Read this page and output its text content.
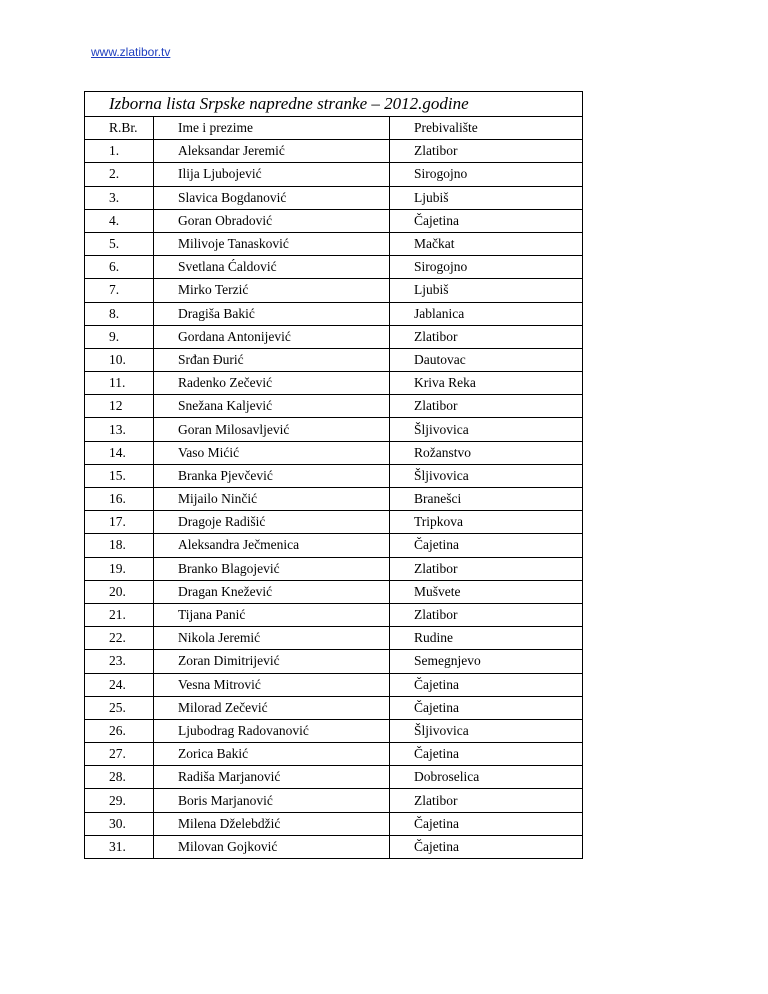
www.zlatibor.tv
Izborna lista Srpske napredne stranke – 2012.godine		
R.Br.	Ime i prezime	Prebivalište
1.	Aleksandar Jeremić	Zlatibor
2.	Ilija Ljubojević	Sirogojno
3.	Slavica Bogdanović	Ljubiš
4.	Goran Obradović	Čajetina
5.	Milivoje Tanasković	Mačkat
6.	Svetlana Ćaldović	Sirogojno
7.	Mirko Terzić	Ljubiš
8.	Dragiša Bakić	Jablanica
9.	Gordana Antonijević	Zlatibor
10.	Srđan Đurić	Dautovac
11.	Radenko Zečević	Kriva Reka
12	Snežana Kaljević	Zlatibor
13.	Goran Milosavljević	Šljivovica
14.	Vaso Mićić	Rožanstvo
15.	Branka Pjevčević	Šljivovica
16.	Mijailo Ninčić	Branešci
17.	Dragoje Radišić	Tripkova
18.	Aleksandra Ječmenica	Čajetina
19.	Branko Blagojević	Zlatibor
20.	Dragan Knežević	Mušvete
21.	Tijana Panić	Zlatibor
22.	Nikola Jeremić	Rudine
23.	Zoran Dimitrijević	Semegnjevo
24.	Vesna Mitrović	Čajetina
25.	Milorad Zečević	Čajetina
26.	Ljubodrag Radovanović	Šljivovica
27.	Zorica Bakić	Čajetina
28.	Radiša Marjanović	Dobroselica
29.	Boris Marjanović	Zlatibor
30.	Milena Dželebdžić	Čajetina
31.	Milovan Gojković	Čajetina
